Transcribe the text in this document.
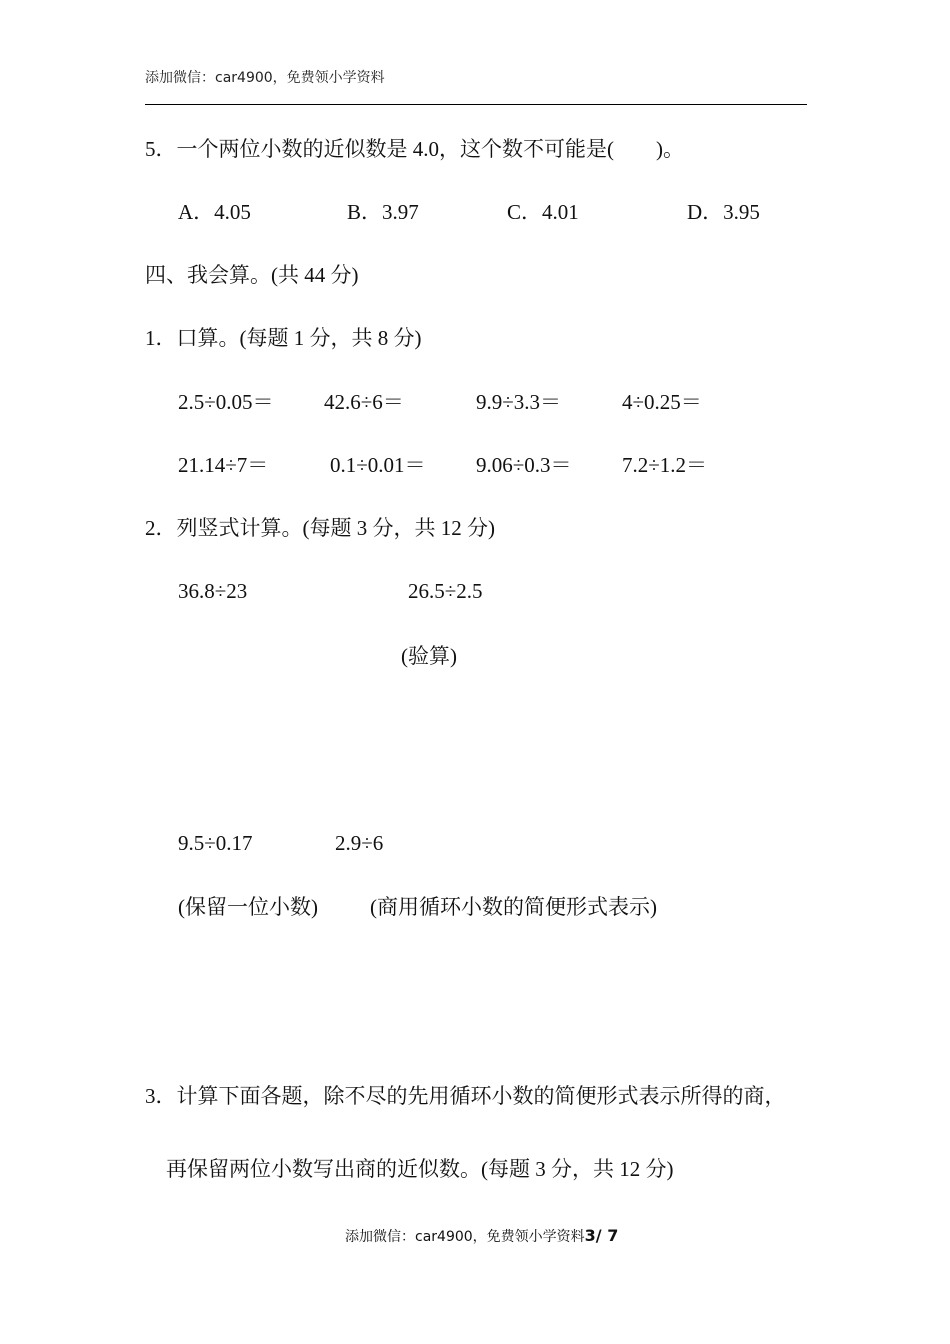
添加微信：car4900，免费领小学资料
5．一个两位小数的近似数是 4.0，这个数不可能是(　　)。
A．4.05	B．3.97	C．4.01	D．3.95
四、我会算。(共 44 分)
1．口算。(每题 1 分，共 8 分)
2.5÷0.05＝ 42.6÷6＝	9.9÷3.3＝	4÷0.25＝
21.14÷7＝	0.1÷0.01＝ 9.06÷0.3＝ 7.2÷1.2＝
2．列竖式计算。(每题 3 分，共 12 分)
36.8÷23	26.5÷2.5
(验算)
9.5÷0.17	2.9÷6
(保留一位小数) (商用循环小数的简便形式表示)
3．计算下面各题，除不尽的先用循环小数的简便形式表示所得的商，
再保留两位小数写出商的近似数。(每题 3 分，共 12 分)
添加微信：car4900，免费领小学资料3/ 7
